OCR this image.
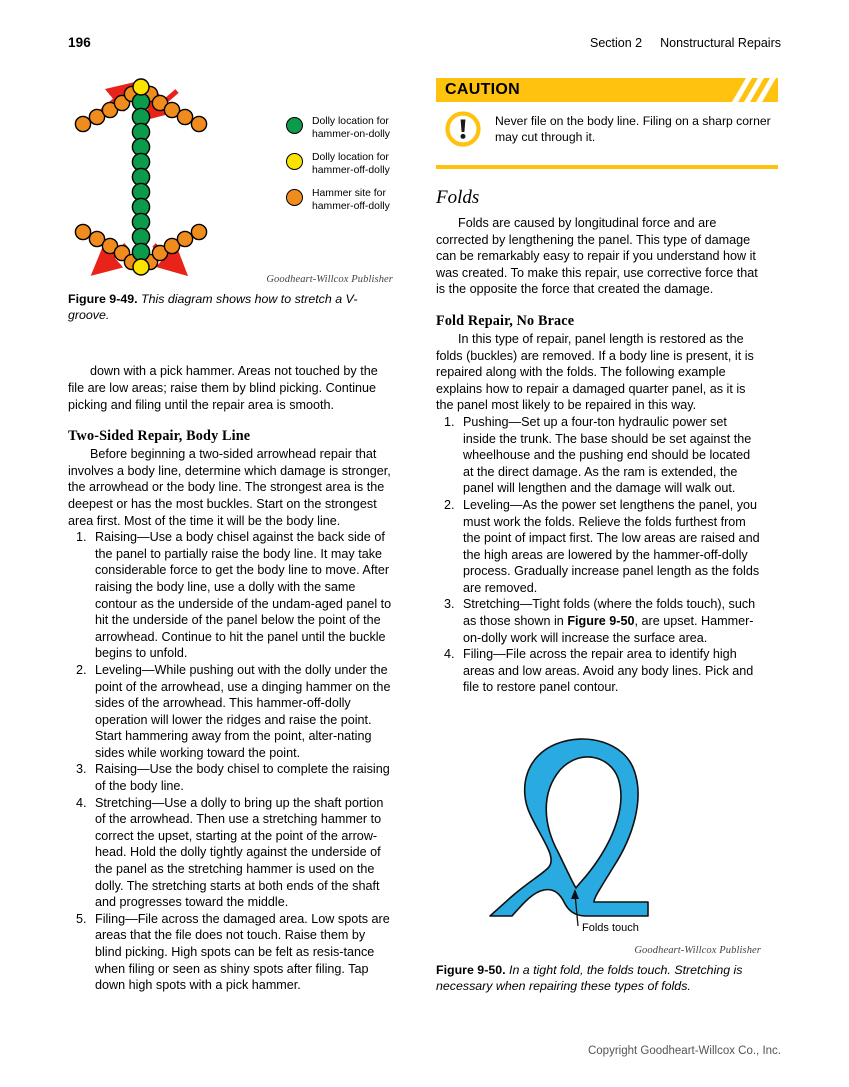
196	Section 2 Nonstructural Repairs
Dolly location for
hammer-on-dolly
Dolly location for
hammer-off-dolly
Hammer site for
hammer-off-dolly
Goodheart-Willcox Publisher

Figure 9-49. This diagram shows how to stretch a V-groove.

down with a pick hammer. Areas not touched by the file are low areas; raise them by blind picking. Continue picking and filing until the repair area is smooth.

Two-Sided Repair, Body Line

Before beginning a two-sided arrowhead repair that involves a body line, determine which damage is stronger, the arrowhead or the body line. The strongest area is the deepest or has the most buckles. Start on the strongest area first. Most of the time it will be the body line.

1. Raising—Use a body chisel against the back side of the panel to partially raise the body line. It may take considerable force to get the body line to move. After raising the body line, use a dolly with the same contour as the underside of the undam-aged panel to hit the underside of the panel below the point of the arrowhead. Continue to hit the panel until the buckle begins to unfold.
2. Leveling—While pushing out with the dolly under the point of the arrowhead, use a dinging hammer on the sides of the arrowhead. This hammer-off-dolly operation will lower the ridges and raise the point. Start hammering away from the point, alter-nating sides while working toward the point.
3. Raising—Use the body chisel to complete the raising of the body line.
4. Stretching—Use a dolly to bring up the shaft portion of the arrowhead. Then use a stretching hammer to correct the upset, starting at the point of the arrow-head. Hold the dolly tightly against the underside of the panel as the stretching hammer is used on the dolly. The stretching starts at both ends of the shaft and progresses toward the middle.
5. Filing—File across the damaged area. Low spots are areas that the file does not touch. Raise them by blind picking. High spots can be felt as resis-tance when filing or seen as shiny spots after filing. Tap down high spots with a pick hammer.
CAUTION
Never file on the body line. Filing on a sharp corner may cut through it.
Folds

Folds are caused by longitudinal force and are corrected by lengthening the panel. This type of damage can be remarkably easy to repair if you understand how it was created. To make this repair, use corrective force that is the opposite the force that created the damage.

Fold Repair, No Brace

In this type of repair, panel length is restored as the folds (buckles) are removed. If a body line is present, it is repaired along with the folds. The following example explains how to repair a damaged quarter panel, as it is the panel most likely to be repaired in this way.

1. Pushing—Set up a four-ton hydraulic power set inside the trunk. The base should be set against the wheelhouse and the pushing end should be located at the direct damage. As the ram is extended, the panel will lengthen and the damage will walk out.
2. Leveling—As the power set lengthens the panel, you must work the folds. Relieve the folds furthest from the point of impact first. The low areas are raised and the high areas are lowered by the hammer-off-dolly process. Gradually increase panel length as the folds are removed.
3. Stretching—Tight folds (where the folds touch), such as those shown in Figure 9-50, are upset. Hammer-on-dolly work will increase the surface area.
4. Filing—File across the repair area to identify high areas and low areas. Avoid any body lines. Pick and file to restore panel contour.
Folds touch
Goodheart-Willcox Publisher

Figure 9-50. In a tight fold, the folds touch. Stretching is necessary when repairing these types of folds.

Copyright Goodheart-Willcox Co., Inc.
